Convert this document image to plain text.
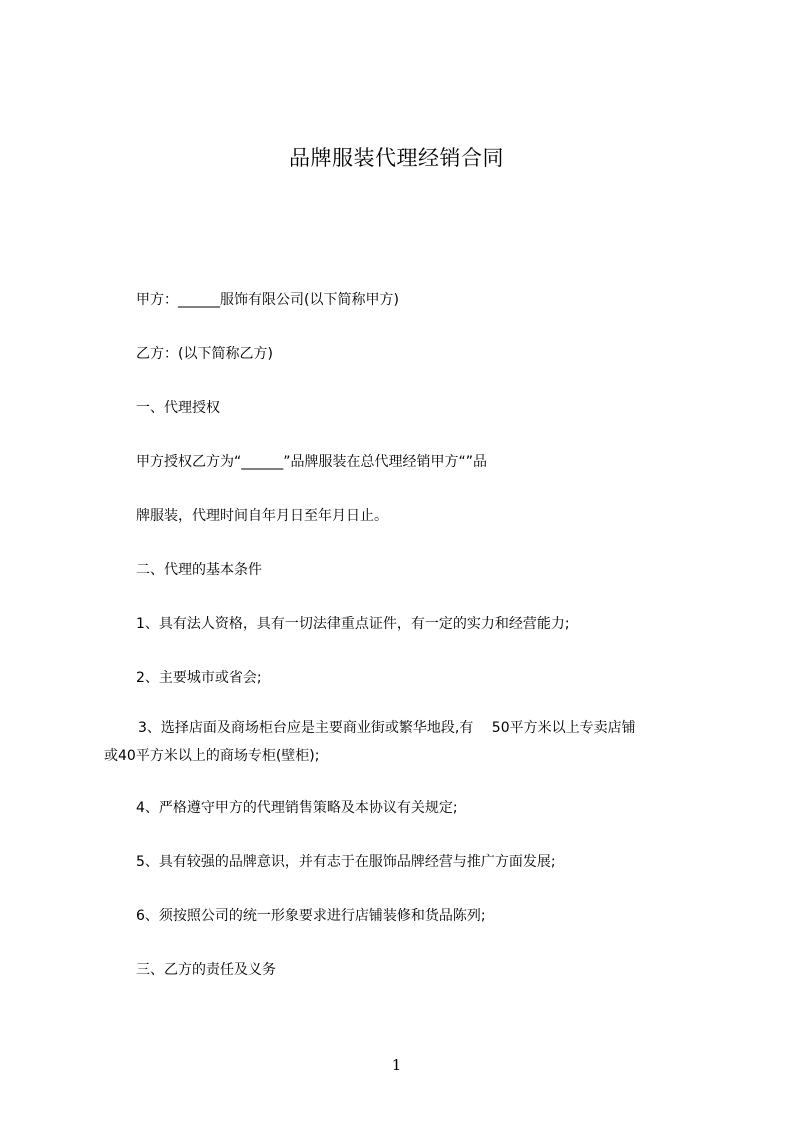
品牌服装代理经销合同
甲方：______服饰有限公司(以下简称甲方)
乙方：(以下简称乙方)
一、代理授权
甲方授权乙方为“______”品牌服装在总代理经销甲方“”品
牌服装，代理时间自年月日至年月日止。
二、代理的基本条件
1、具有法人资格，具有一切法律重点证件，有一定的实力和经营能力;
2、主要城市或省会;
3、选择店面及商场柜台应是主要商业街或繁华地段,有　 50平方米以上专卖店铺
或40平方米以上的商场专柜(壁柜);
4、严格遵守甲方的代理销售策略及本协议有关规定;
5、具有较强的品牌意识，并有志于在服饰品牌经营与推广方面发展;
6、须按照公司的统一形象要求进行店铺装修和货品陈列;
三、乙方的责任及义务
1
